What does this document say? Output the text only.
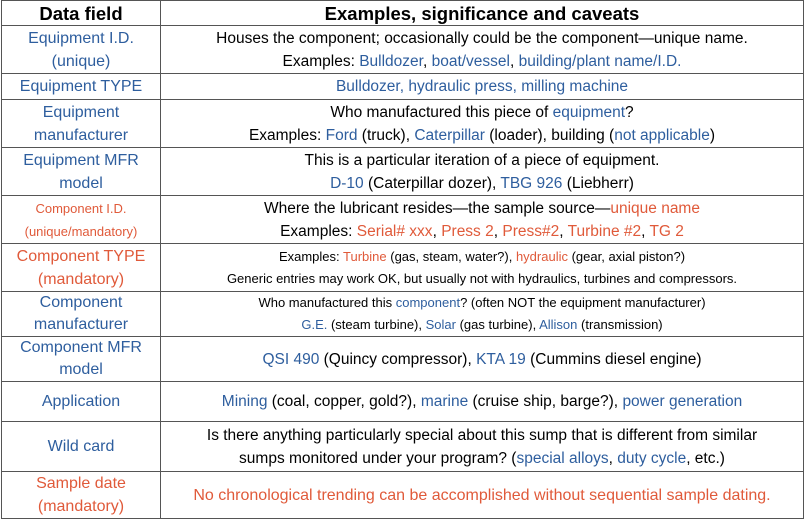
Data field	Examples, significance and caveats

Equipment I.D.
(unique)	Houses the component; occasionally could be the component—unique name.
Examples: Bulldozer, boat/vessel, building/plant name/I.D.

Equipment TYPE	Bulldozer, hydraulic press, milling machine

Equipment
manufacturer	Who manufactured this piece of equipment?
Examples: Ford (truck), Caterpillar (loader), building (not applicable)

Equipment MFR
model	This is a particular iteration of a piece of equipment.
D-10 (Caterpillar dozer), TBG 926 (Liebherr)

Component I.D.
(unique/mandatory)	Where the lubricant resides—the sample source—unique name
Examples: Serial# xxx, Press 2, Press#2, Turbine #2, TG 2

Component TYPE
(mandatory)	Examples: Turbine (gas, steam, water?), hydraulic (gear, axial piston?)
Generic entries may work OK, but usually not with hydraulics, turbines and compressors.

Component
manufacturer	Who manufactured this component? (often NOT the equipment manufacturer)
G.E. (steam turbine), Solar (gas turbine), Allison (transmission)

Component MFR
model	QSI 490 (Quincy compressor), KTA 19 (Cummins diesel engine)

Application	Mining (coal, copper, gold?), marine (cruise ship, barge?), power generation

Wild card	Is there anything particularly special about this sump that is different from similar
sumps monitored under your program? (special alloys, duty cycle, etc.)

Sample date
(mandatory)	No chronological trending can be accomplished without sequential sample dating.
